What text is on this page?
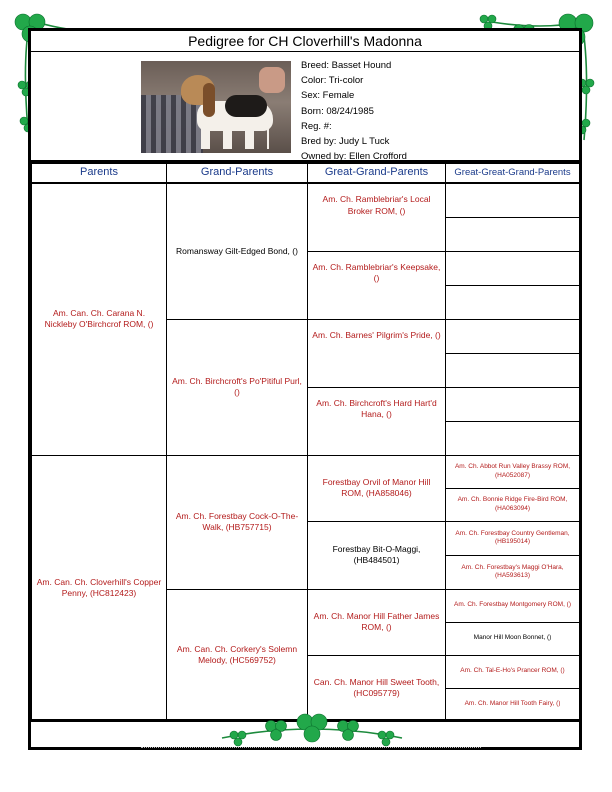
Pedigree for CH Cloverhill's Madonna
Breed: Basset Hound
Color: Tri-color
Sex: Female
Born: 08/24/1985
Reg. #:
Bred by: Judy L Tuck
Owned by: Ellen Crofford
Parents	Grand-Parents	Great-Grand-Parents	Great-Great-Grand-Parents
Am. Can. Ch. Carana N. Nickleby O'Birchcrof ROM, ()	Romansway Gilt-Edged Bond, ()	Am. Ch. Ramblebriar's Local Broker ROM, ()	

		Am. Ch. Ramblebriar's Keepsake, ()	

	Am. Ch. Birchcroft's Po'Pitiful Purl, ()	Am. Ch. Barnes' Pilgrim's Pride, ()	

		Am. Ch. Birchcroft's Hard Hart'd Hana, ()	

Am. Can. Ch. Cloverhill's Copper Penny, (HC812423)	Am. Ch. Forestbay Cock-O-The-Walk, (HB757715)	Forestbay Orvil of Manor Hill ROM, (HA858046)	Am. Ch. Abbot Run Valley Brassy ROM, (HA052087)
			Am. Ch. Bonnie Ridge Fire-Bird ROM, (HA063094)
		Forestbay Bit-O-Maggi, (HB484501)	Am. Ch. Forestbay Country Gentleman, (HB195014)
			Am. Ch. Forestbay's Maggi O'Hara, (HA593613)
	Am. Can. Ch. Corkery's Solemn Melody, (HC569752)	Am. Ch. Manor Hill Father James ROM, ()	Am. Ch. Forestbay Montgomery ROM, ()
			Manor Hill Moon Bonnet, ()
		Can. Ch. Manor Hill Sweet Tooth, (HC095779)	Am. Ch. Tal-E-Ho's Prancer ROM, ()
			Am. Ch. Manor Hill Tooth Fairy, ()
